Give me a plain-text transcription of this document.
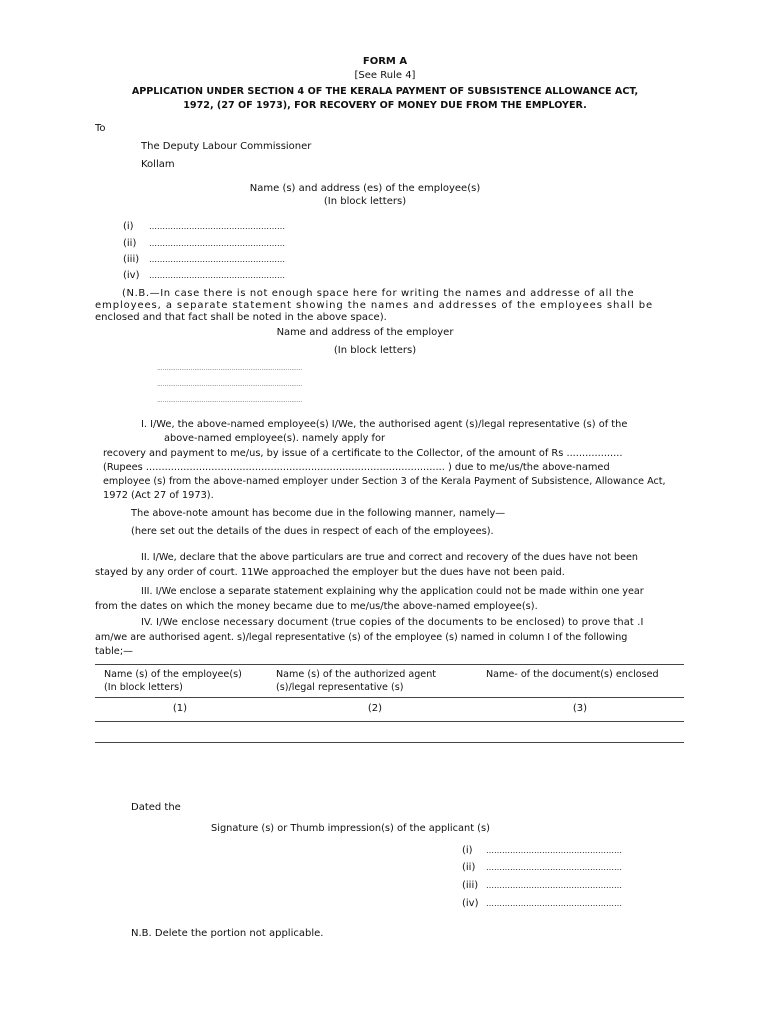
FORM A
[See Rule 4]
APPLICATION UNDER SECTION 4 OF THE KERALA PAYMENT OF SUBSISTENCE ALLOWANCE ACT,
1972, (27 OF 1973), FOR RECOVERY OF MONEY DUE FROM THE EMPLOYER.
To
The Deputy Labour Commissioner
Kollam
Name (s) and address (es) of the employee(s)
(In block letters)
(i) ……………………………………………
(ii) ……………………………………………
(iii) ……………………………………………
(iv) ……………………………………………
(N.B.—In case there is not enough space here for writing the names and addresse of all the
employees, a separate statement showing the names and addresses of the employees shall be
enclosed and that fact shall be noted in the above space).
Name and address of the employer
(In block letters)
……………………………………………………………………
……………………………………………………………………
……………………………………………………………………
I. I/We, the above-named employee(s) I/We, the authorised agent (s)/legal representative (s) of the
above-named employee(s). namely apply for
recovery and payment to me/us, by issue of a certificate to the Collector, of the amount of Rs ..................
(Rupees ................................................................................................ ) due to me/us/the above-named
employee (s) from the above-named employer under Section 3 of the Kerala Payment of Subsistence, Allowance Act,
1972 (Act 27 of 1973).
The above-note amount has become due in the following manner, namely—
(here set out the details of the dues in respect of each of the employees).
II. I/We, declare that the above particulars are true and correct and recovery of the dues have not been
stayed by any order of court. 11We approached the employer but the dues have not been paid.
III. I/We enclose a separate statement explaining why the application could not be made within one year
from the dates on which the money became due to me/us/the above-named employee(s).
IV. I/We enclose necessary document (true copies of the documents to be enclosed) to prove that .I
am/we are authorised agent. s)/legal representative (s) of the employee (s) named in column I of the following
table;—
Name (s) of the employee(s)
(In block letters)
Name (s) of the authorized agent
(s)/legal representative (s)
Name- of the document(s) enclosed
(1)	(2)	(3)
Dated the
Signature (s) or Thumb impression(s) of the applicant (s)
(i) ……………………………………………
(ii) ……………………………………………
(iii) ……………………………………………
(iv) ……………………………………………
N.B. Delete the portion not applicable.
